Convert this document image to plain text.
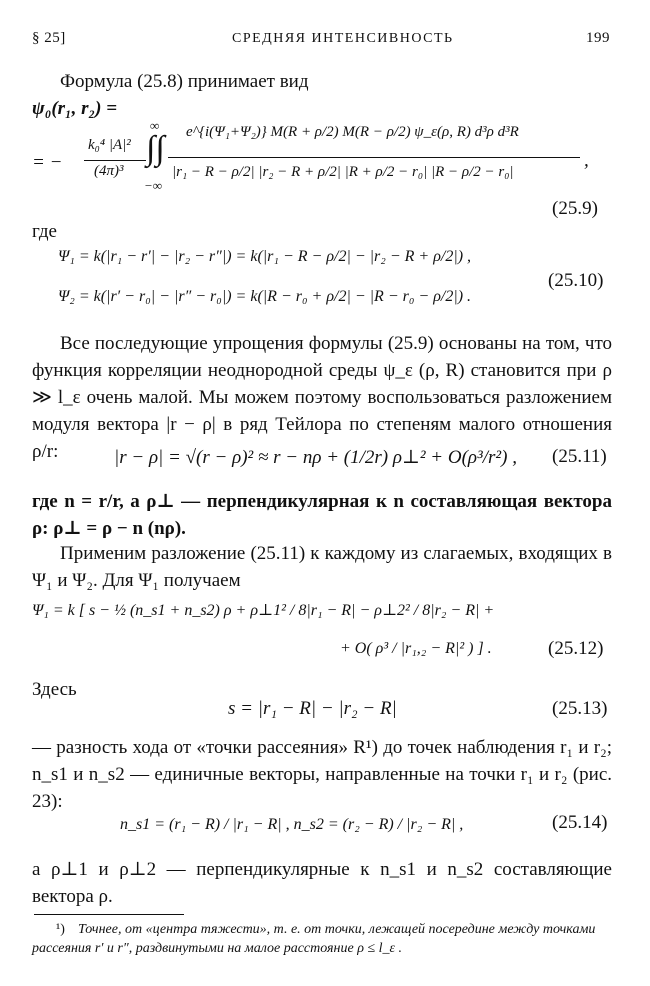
§ 25]	СРЕДНЯЯ ИНТЕНСИВНОСТЬ	199
Формула (25.8) принимает вид
ψ₀(r₁, r₂) =
= −
k₀⁴ |A|²
(4π)³
∞
∫∫
−∞
e^{i(Ψ₁+Ψ₂)} M(R + ρ/2) M(R − ρ/2) ψ_ε(ρ, R) d³ρ d³R
|r₁ − R − ρ/2| |r₂ − R + ρ/2| |R + ρ/2 − r₀| |R − ρ/2 − r₀|
,
(25.9)
где
Ψ₁ = k(|r₁ − r′| − |r₂ − r″|) = k(|r₁ − R − ρ/2| − |r₂ − R + ρ/2|) ,
Ψ₂ = k(|r′ − r₀| − |r″ − r₀|) = k(|R − r₀ + ρ/2| − |R − r₀ − ρ/2|) .
(25.10)
Все последующие упрощения формулы (25.9) основаны на том, что функция корреляции неоднородной среды ψ_ε (ρ, R) становится при ρ ≫ l_ε очень малой. Мы можем поэтому воспользоваться разложением модуля вектора |r − ρ| в ряд Тейлора по степеням малого отношения ρ/r:	|r − ρ| = √(r − ρ)² ≈ r − nρ + (1/2r) ρ⊥² + O(ρ³/r²) , (25.11)
где n = r/r, а ρ⊥ — перпендикулярная к n составляющая вектора ρ: ρ⊥ = ρ − n (nρ).
Применим разложение (25.11) к каждому из слагаемых, входящих в Ψ₁ и Ψ₂. Для Ψ₁ получаем
Ψ₁ = k [ s − ½ (n_s1 + n_s2) ρ + ρ⊥1² / 8|r₁ − R| − ρ⊥2² / 8|r₂ − R| +
+ O( ρ³ / |r₁,₂ − R|² ) ] .	(25.12)
Здесь
s = |r₁ − R| − |r₂ − R|	(25.13)
— разность хода от «точки рассеяния» R¹) до точек наблюдения r₁ и r₂; n_s1 и n_s2 — единичные векторы, направленные на точки r₁ и r₂ (рис. 23):
n_s1 = (r₁ − R) / |r₁ − R| , n_s2 = (r₂ − R) / |r₂ − R| ,	(25.14)
а ρ⊥1 и ρ⊥2 — перпендикулярные к n_s1 и n_s2 составляющие вектора ρ.
¹) Точнее, от «центра тяжести», т. е. от точки, лежащей посередине между точками рассеяния r′ и r″, раздвинутыми на малое расстояние ρ ≤ l_ε .
